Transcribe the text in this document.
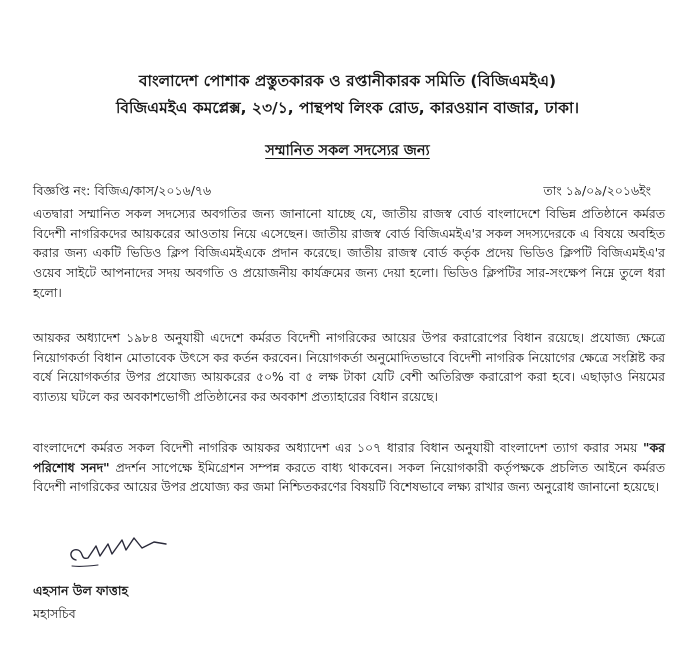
বাংলাদেশ পোশাক প্রস্তুতকারক ও রপ্তানীকারক সমিতি (বিজিএমইএ)
বিজিএমইএ কমপ্লেক্স, ২৩/১, পান্থপথ লিংক রোড, কারওয়ান বাজার, ঢাকা।
সম্মানিত সকল সদস্যের জন্য
বিজ্ঞপ্তি নং: বিজিএ/কাস/২০১৬/৭৬	তাং ১৯/০৯/২০১৬ইং

এতদ্বারা সম্মানিত সকল সদস্যের অবগতির জন্য জানানো যাচ্ছে যে, জাতীয় রাজস্ব বোর্ড বাংলাদেশে বিভিন্ন প্রতিষ্ঠানে কর্মরত বিদেশী নাগরিকদের আয়করের আওতায় নিয়ে এসেছেন। জাতীয় রাজস্ব বোর্ড বিজিএমইএ'র সকল সদস্যদেরকে এ বিষয়ে অবহিত করার জন্য একটি ভিডিও ক্লিপ বিজিএমইএকে প্রদান করেছে। জাতীয় রাজস্ব বোর্ড কর্তৃক প্রদেয় ভিডিও ক্লিপটি বিজিএমইএ'র ওয়েব সাইটে আপনাদের সদয় অবগতি ও প্রয়োজনীয় কার্যক্রমের জন্য দেয়া হলো। ভিডিও ক্লিপটির সার-সংক্ষেপ নিম্নে তুলে ধরা হলো।

আয়কর অধ্যাদেশ ১৯৮৪ অনুযায়ী এদেশে কর্মরত বিদেশী নাগরিকের আয়ের উপর করারোপের বিধান রয়েছে। প্রযোজ্য ক্ষেত্রে নিয়োগকর্তা বিধান মোতাবেক উৎসে কর কর্তন করবেন। নিয়োগকর্তা অনুমোদিতভাবে বিদেশী নাগরিক নিয়োগের ক্ষেত্রে সংশ্লিষ্ট কর বর্ষে নিয়োগকর্তার উপর প্রযোজ্য আয়করের ৫০% বা ৫ লক্ষ টাকা যেটি বেশী অতিরিক্ত করারোপ করা হবে। এছাড়াও নিয়মের ব্যাত্যয় ঘটলে কর অবকাশভোগী প্রতিষ্ঠানের কর অবকাশ প্রত্যাহারের বিধান রয়েছে।

বাংলাদেশে কর্মরত সকল বিদেশী নাগরিক আয়কর অধ্যাদেশ এর ১০৭ ধারার বিধান অনুযায়ী বাংলাদেশ ত্যাগ করার সময় "কর পরিশোধ সনদ" প্রদর্শন সাপেক্ষে ইমিগ্রেশন সম্পন্ন করতে বাধ্য থাকবেন। সকল নিয়োগকারী কর্তৃপক্ষকে প্রচলিত আইনে কর্মরত বিদেশী নাগরিকের আয়ের উপর প্রযোজ্য কর জমা নিশ্চিতকরণের বিষয়টি বিশেষভাবে লক্ষ্য রাখার জন্য অনুরোধ জানানো হয়েছে।

এহসান উল ফাত্তাহ
মহাসচিব
